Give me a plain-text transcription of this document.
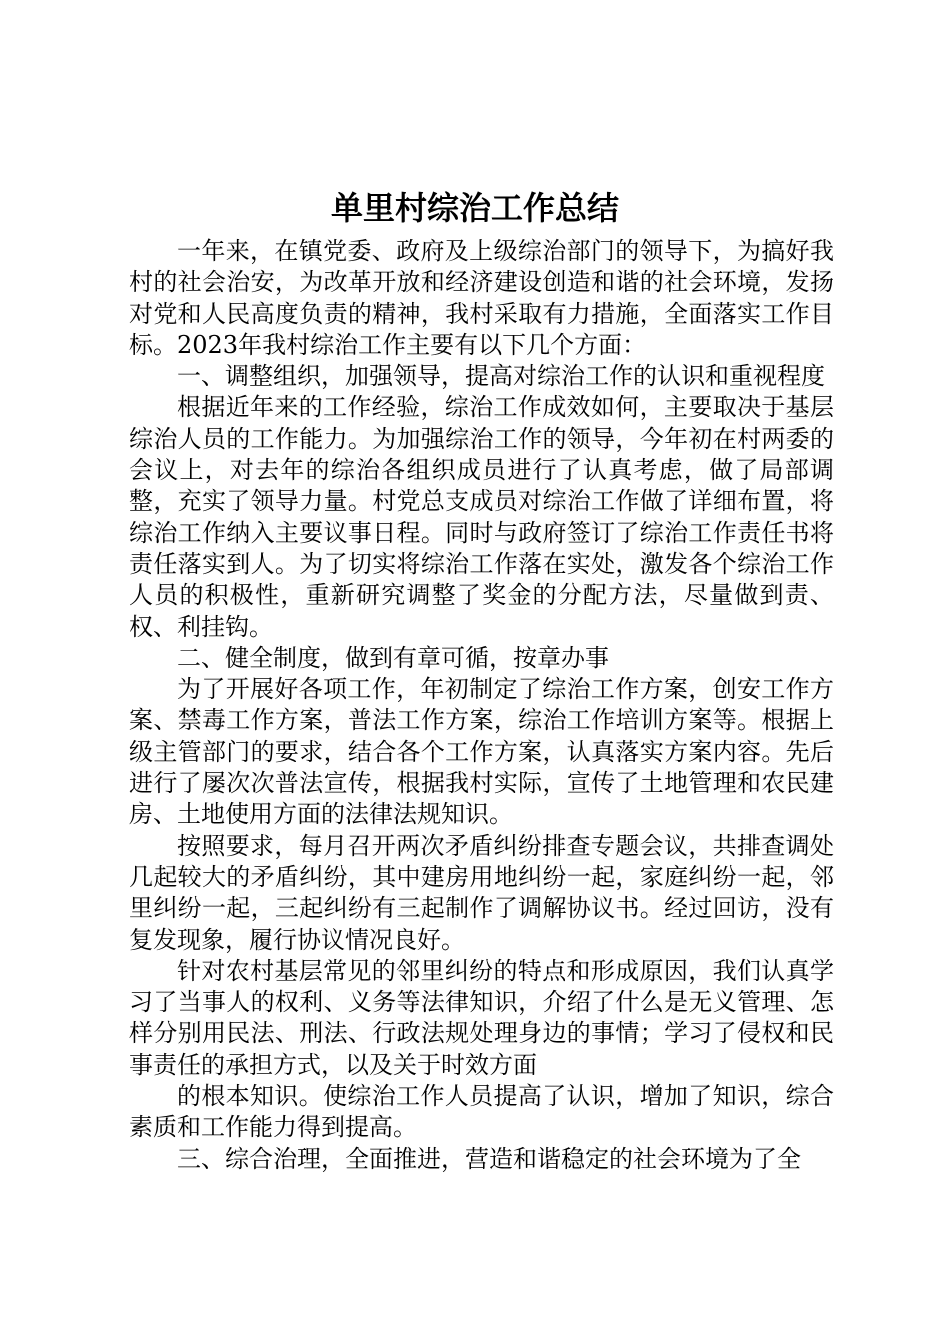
单里村综治工作总结

一年来，在镇党委、政府及上级综治部门的领导下，为搞好我村的社会治安，为改革开放和经济建设创造和谐的社会环境，发扬对党和人民高度负责的精神，我村采取有力措施，全面落实工作目标。2023年我村综治工作主要有以下几个方面：

一、调整组织，加强领导，提高对综治工作的认识和重视程度

根据近年来的工作经验，综治工作成效如何，主要取决于基层综治人员的工作能力。为加强综治工作的领导，今年初在村两委的会议上，对去年的综治各组织成员进行了认真考虑，做了局部调整，充实了领导力量。村党总支成员对综治工作做了详细布置，将综治工作纳入主要议事日程。同时与政府签订了综治工作责任书将责任落实到人。为了切实将综治工作落在实处，激发各个综治工作人员的积极性，重新研究调整了奖金的分配方法，尽量做到责、权、利挂钩。

二、健全制度，做到有章可循，按章办事

为了开展好各项工作，年初制定了综治工作方案，创安工作方案、禁毒工作方案，普法工作方案，综治工作培训方案等。根据上级主管部门的要求，结合各个工作方案，认真落实方案内容。先后进行了屡次次普法宣传，根据我村实际，宣传了土地管理和农民建房、土地使用方面的法律法规知识。

按照要求，每月召开两次矛盾纠纷排查专题会议，共排查调处几起较大的矛盾纠纷，其中建房用地纠纷一起，家庭纠纷一起，邻里纠纷一起，三起纠纷有三起制作了调解协议书。经过回访，没有复发现象，履行协议情况良好。

针对农村基层常见的邻里纠纷的特点和形成原因，我们认真学习了当事人的权利、义务等法律知识，介绍了什么是无义管理、怎样分别用民法、刑法、行政法规处理身边的事情；学习了侵权和民事责任的承担方式，以及关于时效方面

的根本知识。使综治工作人员提高了认识，增加了知识，综合素质和工作能力得到提高。

三、综合治理，全面推进，营造和谐稳定的社会环境为了全
